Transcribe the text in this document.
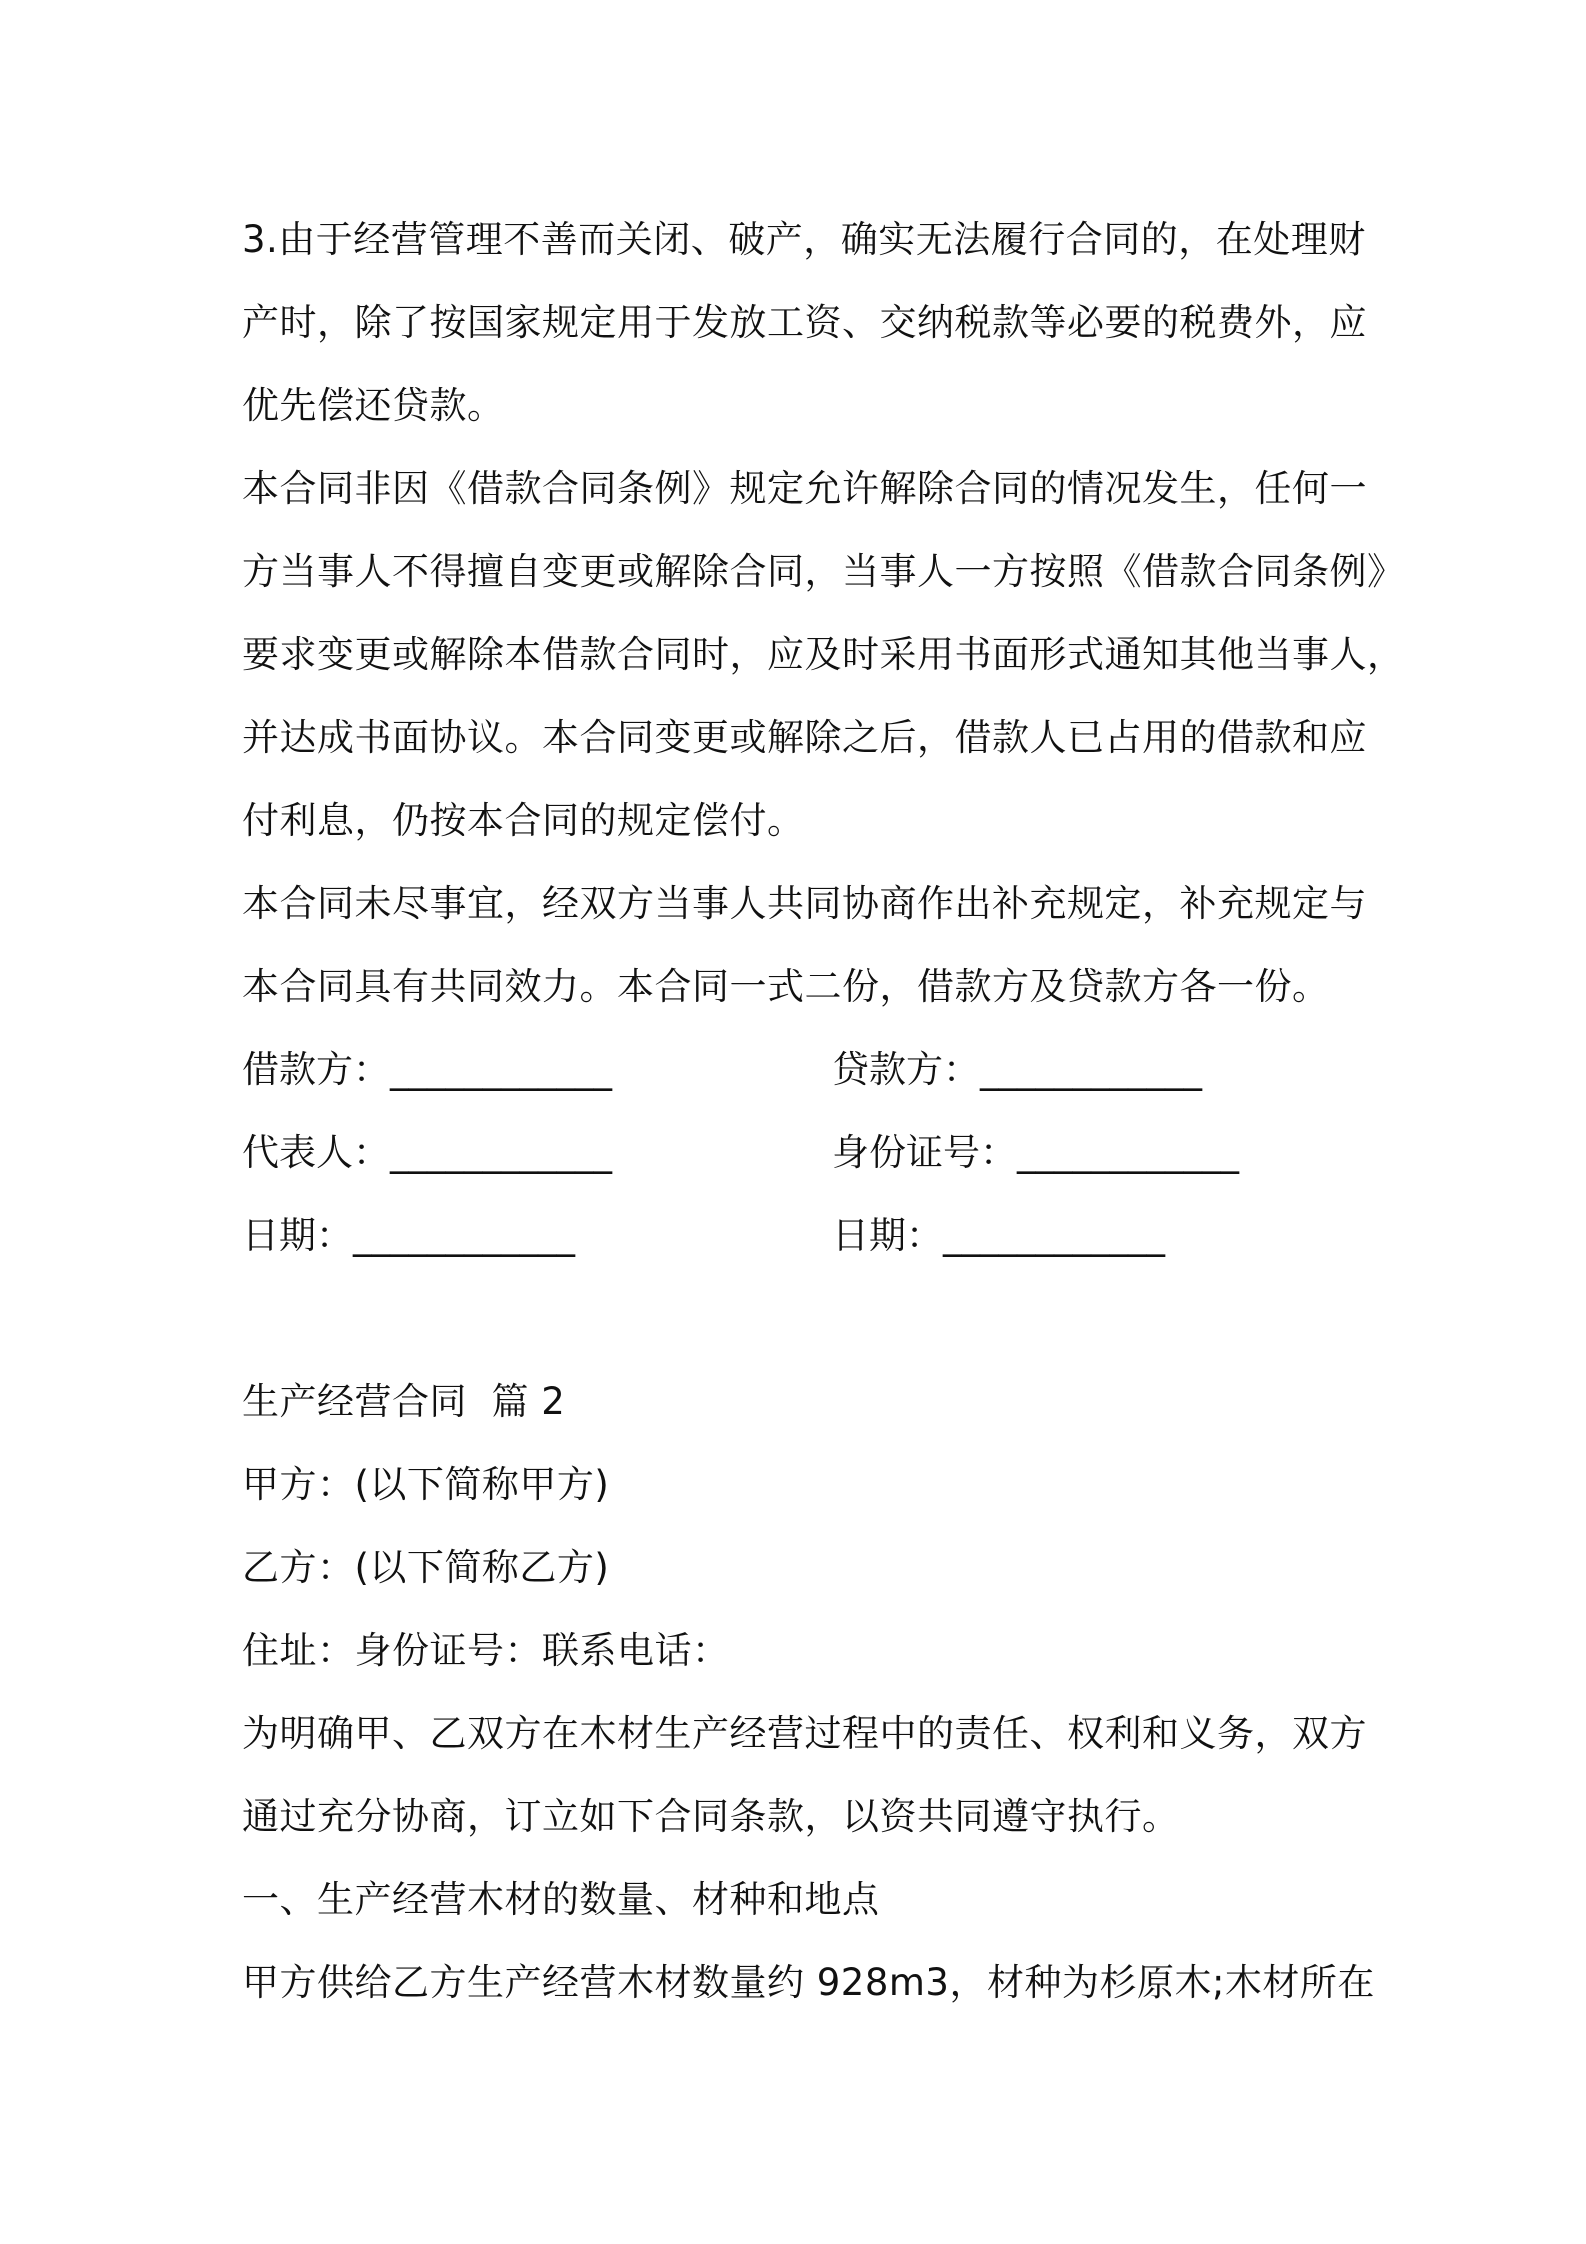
3.由于经营管理不善而关闭、破产，确实无法履行合同的，在处理财
产时，除了按国家规定用于发放工资、交纳税款等必要的税费外，应
优先偿还贷款。
本合同非因《借款合同条例》规定允许解除合同的情况发生，任何一
方当事人不得擅自变更或解除合同，当事人一方按照《借款合同条例》
要求变更或解除本借款合同时，应及时采用书面形式通知其他当事人，
并达成书面协议。本合同变更或解除之后，借款人已占用的借款和应
付利息，仍按本合同的规定偿付。
本合同未尽事宜，经双方当事人共同协商作出补充规定，补充规定与
本合同具有共同效力。本合同一式二份，借款方及贷款方各一份。
借款方：____________	贷款方：____________
代表人：____________	身份证号：____________
日期：____________	日期：____________
生产经营合同  篇 2
甲方：(以下简称甲方)
乙方：(以下简称乙方)
住址：身份证号：联系电话：
为明确甲、乙双方在木材生产经营过程中的责任、权利和义务，双方
通过充分协商，订立如下合同条款，以资共同遵守执行。
一、生产经营木材的数量、材种和地点
甲方供给乙方生产经营木材数量约 928m3，材种为杉原木;木材所在
